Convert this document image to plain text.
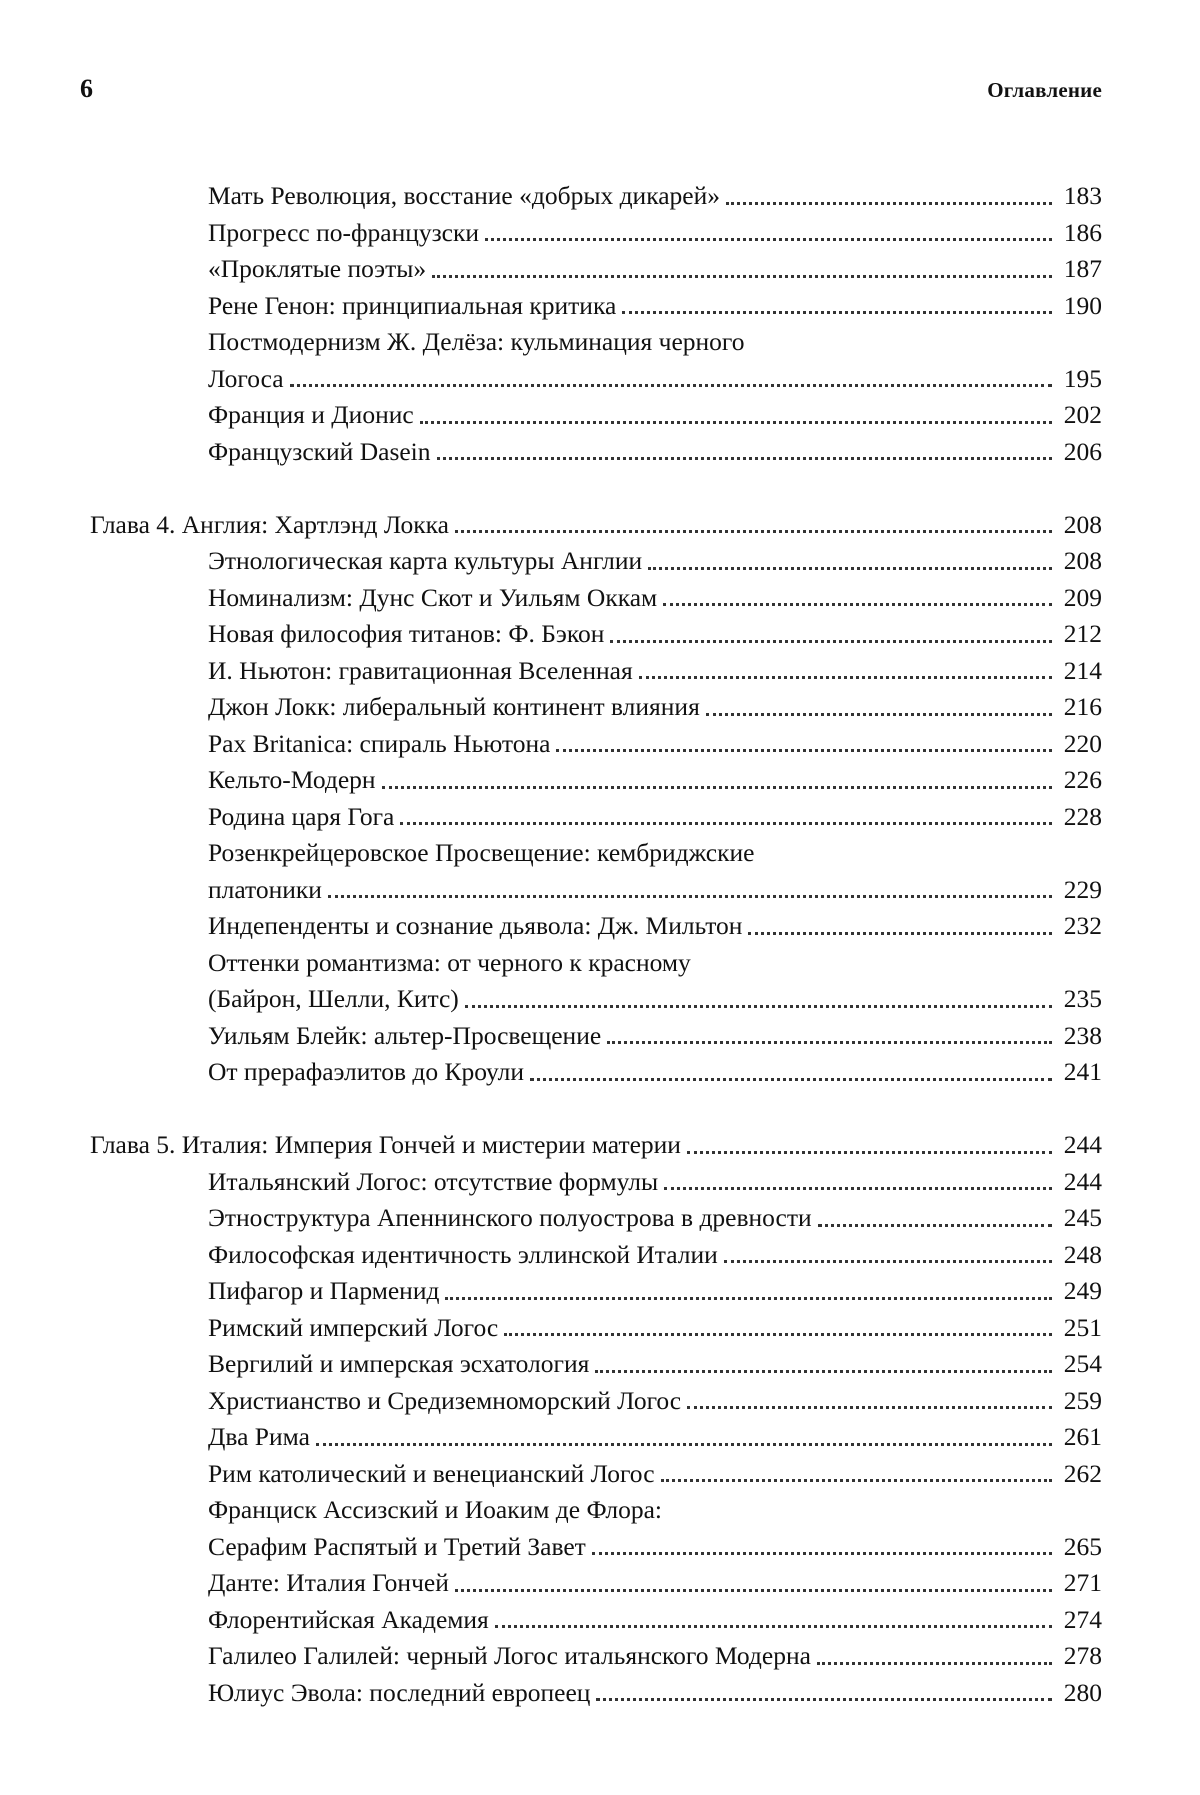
6	Оглавление
Мать Революция, восстание «добрых дикарей»	183
Прогресс по-французски	186
«Проклятые поэты»	187
Рене Генон: принципиальная критика	190
Постмодернизм Ж. Делёза: кульминация черного
Логоса	195
Франция и Дионис	202
Французский Dasein	206
Глава 4. Англия: Хартлэнд Локка	208
Этнологическая карта культуры Англии	208
Номинализм: Дунс Скот и Уильям Оккам	209
Новая философия титанов: Ф. Бэкон	212
И. Ньютон: гравитационная Вселенная	214
Джон Локк: либеральный континент влияния	216
Pax Britanica: спираль Ньютона	220
Кельто-Модерн	226
Родина царя Гога	228
Розенкрейцеровское Просвещение: кембриджские
платоники	229
Индепенденты и сознание дьявола: Дж. Мильтон	232
Оттенки романтизма: от черного к красному
(Байрон, Шелли, Китс)	235
Уильям Блейк: альтер-Просвещение	238
От прерафаэлитов до Кроули	241
Глава 5. Италия: Империя Гончей и мистерии материи	244
Итальянский Логос: отсутствие формулы	244
Этноструктура Апеннинского полуострова в древности	245
Философская идентичность эллинской Италии	248
Пифагор и Парменид	249
Римский имперский Логос	251
Вергилий и имперская эсхатология	254
Христианство и Средиземноморский Логос	259
Два Рима	261
Рим католический и венецианский Логос	262
Франциск Ассизский и Иоаким де Флора:
Серафим Распятый и Третий Завет	265
Данте: Италия Гончей	271
Флорентийская Академия	274
Галилео Галилей: черный Логос итальянского Модерна	278
Юлиус Эвола: последний европеец	280
